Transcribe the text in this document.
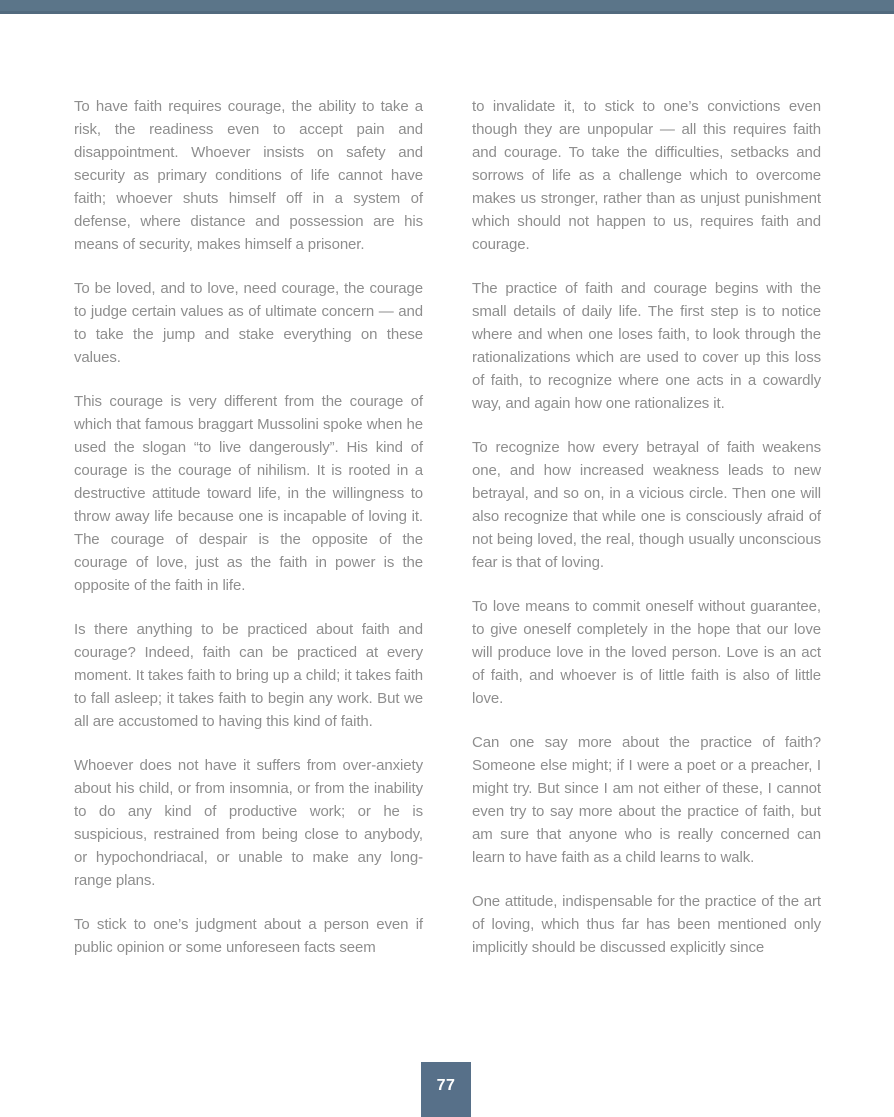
To have faith requires courage, the ability to take a risk, the readiness even to accept pain and disappointment. Whoever insists on safety and security as primary conditions of life cannot have faith; whoever shuts himself off in a system of defense, where distance and possession are his means of security, makes himself a prisoner.

To be loved, and to love, need courage, the courage to judge certain values as of ultimate concern — and to take the jump and stake everything on these values.

This courage is very different from the courage of which that famous braggart Mussolini spoke when he used the slogan “to live dangerously”. His kind of courage is the courage of nihilism. It is rooted in a destructive attitude toward life, in the willingness to throw away life because one is incapable of loving it. The courage of despair is the opposite of the courage of love, just as the faith in power is the opposite of the faith in life.

Is there anything to be practiced about faith and courage? Indeed, faith can be practiced at every moment. It takes faith to bring up a child; it takes faith to fall asleep; it takes faith to begin any work. But we all are accustomed to having this kind of faith.

Whoever does not have it suffers from over-anxiety about his child, or from insomnia, or from the inability to do any kind of productive work; or he is suspicious, restrained from being close to anybody, or hypochondriacal, or unable to make any long-range plans.

To stick to one’s judgment about a person even if public opinion or some unforeseen facts seem

to invalidate it, to stick to one’s convictions even though they are unpopular — all this requires faith and courage. To take the difficulties, setbacks and sorrows of life as a challenge which to overcome makes us stronger, rather than as unjust punishment which should not happen to us, requires faith and courage.

The practice of faith and courage begins with the small details of daily life. The first step is to notice where and when one loses faith, to look through the rationalizations which are used to cover up this loss of faith, to recognize where one acts in a cowardly way, and again how one rationalizes it.

To recognize how every betrayal of faith weakens one, and how increased weakness leads to new betrayal, and so on, in a vicious circle. Then one will also recognize that while one is consciously afraid of not being loved, the real, though usually unconscious fear is that of loving.

To love means to commit oneself without guarantee, to give oneself completely in the hope that our love will produce love in the loved person. Love is an act of faith, and whoever is of little faith is also of little love.

Can one say more about the practice of faith? Someone else might; if I were a poet or a preacher, I might try. But since I am not either of these, I cannot even try to say more about the practice of faith, but am sure that anyone who is really concerned can learn to have faith as a child learns to walk.

One attitude, indispensable for the practice of the art of loving, which thus far has been mentioned only implicitly should be discussed explicitly since

77
